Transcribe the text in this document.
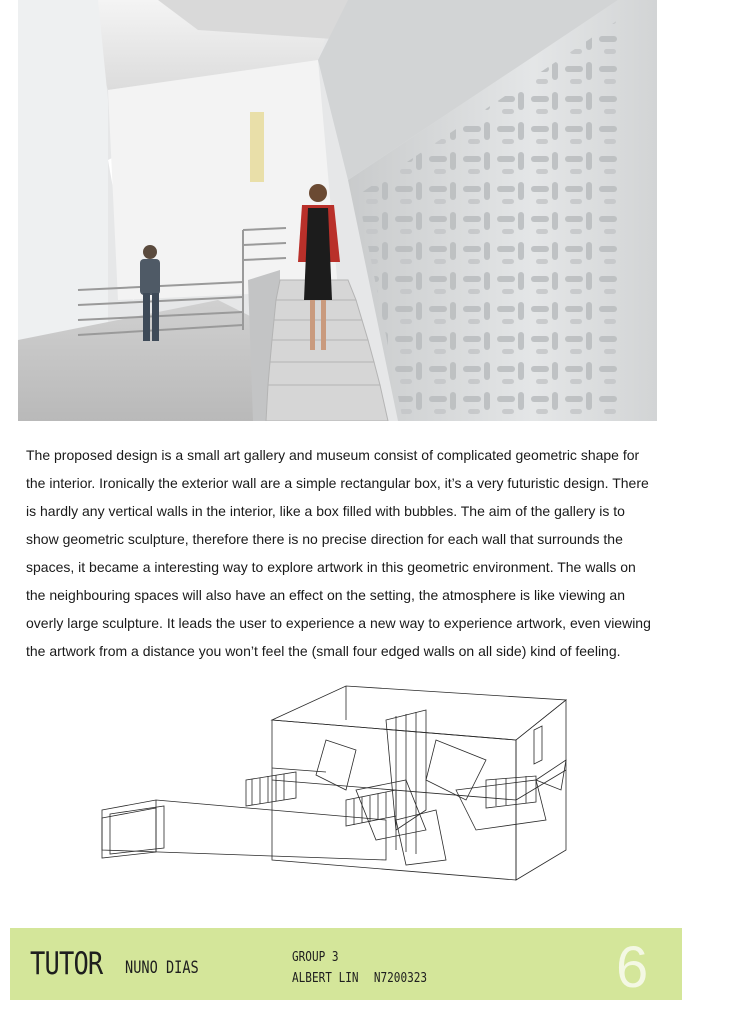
The proposed design is a small art gallery and museum consist of complicated geometric shape for the interior. Ironically the exterior wall are a simple rectangular box, it’s a very futuristic design. There is hardly any vertical walls in the interior, like a box filled with bubbles. The aim of the gallery is to show geometric sculpture, therefore there is no precise direction for each wall that surrounds the spaces, it became a interesting way to explore artwork in this geometric environment. The walls on the neighbouring spaces will also have an effect on the setting, the atmosphere is like viewing an overly large sculpture. It leads the user to experience a new way to experience artwork, even viewing the artwork from a distance you won’t feel the (small four edged walls on all side) kind of feeling.

TUTOR NUNO DIAS
GROUP 3
ALBERT LIN N7200323	6
